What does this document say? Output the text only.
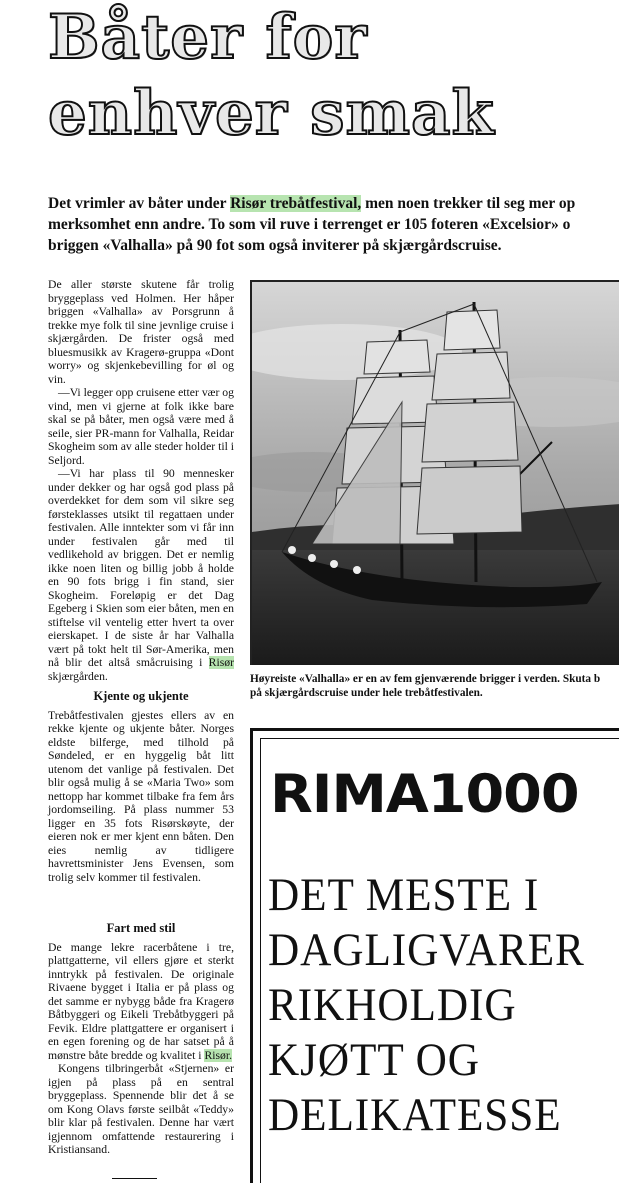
Båter for
enhver smak
Det vrimler av båter under Risør trebåtfestival, men noen trekker til seg mer op
merksomhet enn andre. To som vil ruve i terrenget er 105 foteren «Excelsior» o
briggen «Valhalla» på 90 fot som også inviterer på skjærgårdscruise.

De aller største skutene får trolig bryggeplass ved Holmen. Her håper briggen «Valhalla» av Porsgrunn å trekke mye folk til sine jevnlige cruise i skjærgården. De frister også med bluesmusikk av Kragerø-gruppa «Dont worry» og skjenkebevilling for øl og vin.

—Vi legger opp cruisene etter vær og vind, men vi gjerne at folk ikke bare skal se på båter, men også være med å seile, sier PR-mann for Valhalla, Reidar Skogheim som av alle steder holder til i Seljord.

—Vi har plass til 90 mennesker under dekker og har også god plass på overdekket for dem som vil sikre seg førsteklasses utsikt til regattaen under festivalen. Alle inntekter som vi får inn under festivalen går med til vedlikehold av briggen. Det er nemlig ikke noen liten og billig jobb å holde en 90 fots brigg i fin stand, sier Skogheim. Foreløpig er det Dag Egeberg i Skien som eier båten, men en stiftelse vil ventelig etter hvert ta over eierskapet. I de siste år har Valhalla vært på tokt helt til Sør-Amerika, men nå blir det altså småcruising i Risør skjærgården.

Kjente og ukjente

Trebåtfestivalen gjestes ellers av en rekke kjente og ukjente båter. Norges eldste bilferge, med tilhold på Søndeled, er en hyggelig båt litt utenom det vanlige på festivalen. Det blir også mulig å se «Maria Two» som nettopp har kommet tilbake fra fem års jordomseiling. På plass nummer 53 ligger en 35 fots Risørskøyte, der eieren nok er mer kjent enn båten. Den eies nemlig av tidligere havrettsminister Jens Evensen, som trolig selv kommer til festivalen.

Fart med stil

De mange lekre racerbåtene i tre, plattgatterne, vil ellers gjøre et sterkt inntrykk på festivalen. De originale Rivaene bygget i Italia er på plass og det samme er nybygg både fra Kragerø Båtbyggeri og Eikeli Trebåtbyggeri på Fevik. Eldre plattgattere er organisert i en egen forening og de har satset på å mønstre båte bredde og kvalitet i Risør.

Kongens tilbringerbåt «Stjernen» er igjen på plass på en sentral bryggeplass. Spennende blir det å se om Kong Olavs første seilbåt «Teddy» blir klar på festivalen. Denne har vært igjennom omfattende restaurering i Kristiansand.

Høyreiste «Valhalla» er en av fem gjenværende brigger i verden. Skuta b
på skjærgårdscruise under hele trebåtfestivalen.
RIMA1000
DET MESTE I
DAGLIGVARER
RIKHOLDIG
KJØTT OG
DELIKATESSE
